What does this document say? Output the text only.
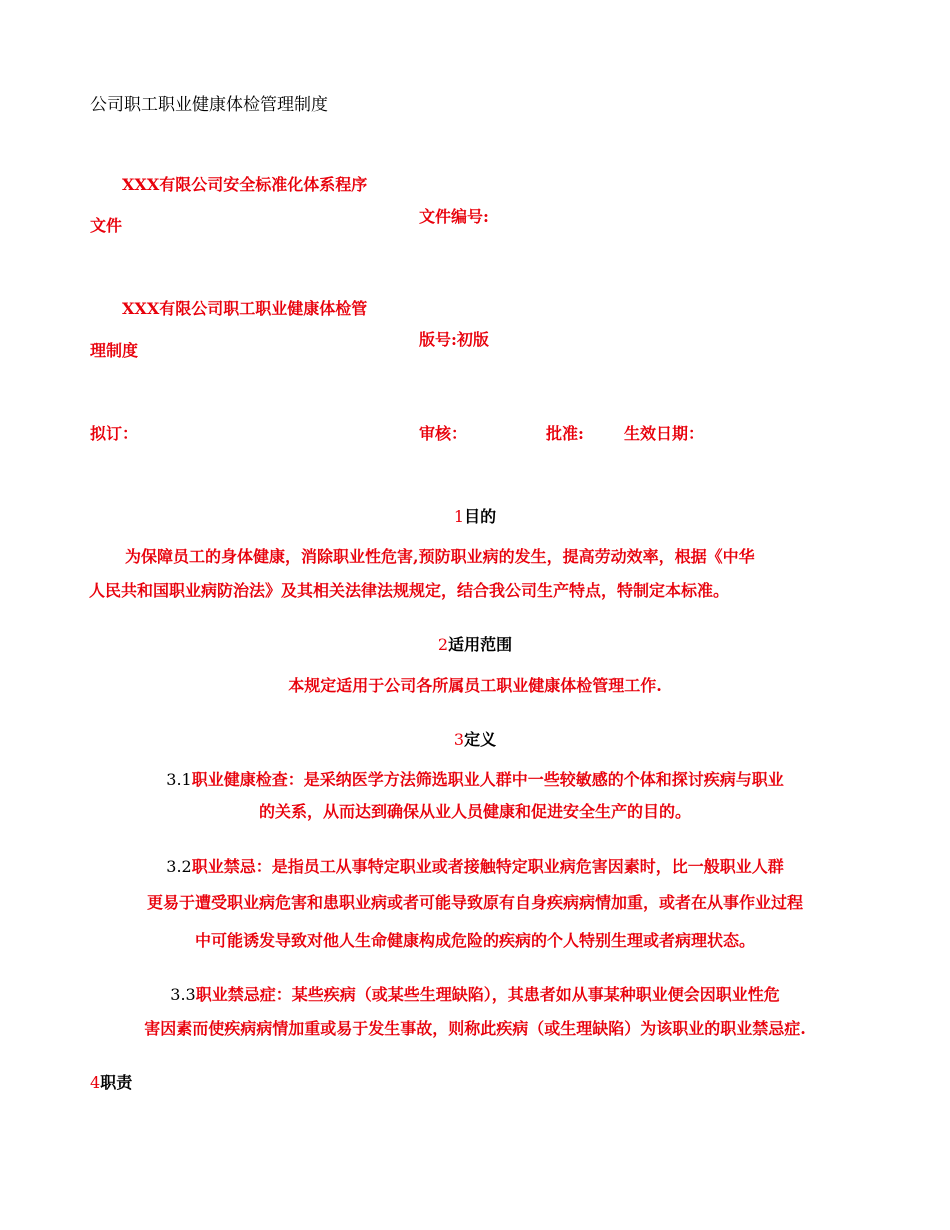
公司职工职业健康体检管理制度
XXX有限公司安全标准化体系程序
文件	文件编号:
XXX有限公司职工职业健康体检管
理制度
版号:初版
拟订：	审核：	批准:	生效日期：
1目的
为保障员工的身体健康，消除职业性危害,预防职业病的发生，提高劳动效率，根据《中华
人民共和国职业病防治法》及其相关法律法规规定，结合我公司生产特点，特制定本标准。
2适用范围
本规定适用于公司各所属员工职业健康体检管理工作.
3定义
3.1职业健康检查：是采纳医学方法筛选职业人群中一些较敏感的个体和探讨疾病与职业
的关系，从而达到确保从业人员健康和促进安全生产的目的。
3.2职业禁忌：是指员工从事特定职业或者接触特定职业病危害因素时，比一般职业人群
更易于遭受职业病危害和患职业病或者可能导致原有自身疾病病情加重，或者在从事作业过程
中可能诱发导致对他人生命健康构成危险的疾病的个人特别生理或者病理状态。
3.3职业禁忌症：某些疾病（或某些生理缺陷），其患者如从事某种职业便会因职业性危
害因素而使疾病病情加重或易于发生事故，则称此疾病（或生理缺陷）为该职业的职业禁忌症.
4职责
